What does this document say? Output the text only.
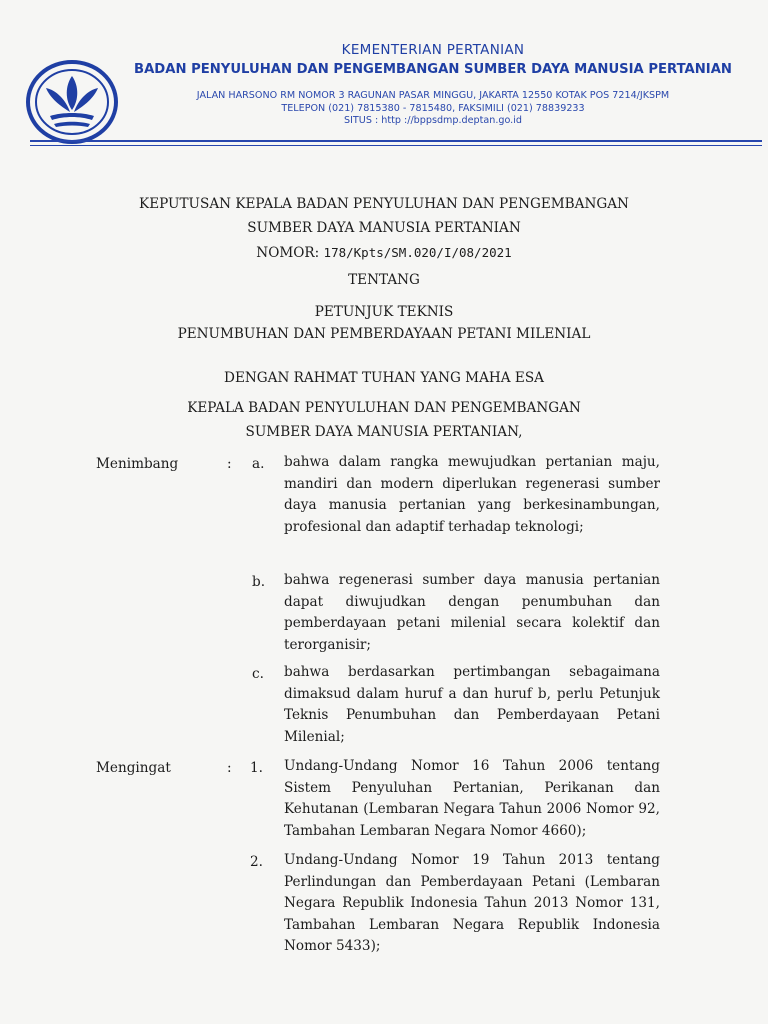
KEMENTERIAN PERTANIAN
BADAN PENYULUHAN DAN PENGEMBANGAN SUMBER DAYA MANUSIA PERTANIAN
JALAN HARSONO RM NOMOR 3 RAGUNAN PASAR MINGGU, JAKARTA 12550 KOTAK POS 7214/JKSPM
TELEPON (021) 7815380 - 7815480, FAKSIMILI (021) 78839233
SITUS : http ://bppsdmp.deptan.go.id
KEPUTUSAN KEPALA BADAN PENYULUHAN DAN PENGEMBANGAN
SUMBER DAYA MANUSIA PERTANIAN
NOMOR: 178/Kpts/SM.020/I/08/2021
TENTANG
PETUNJUK TEKNIS
PENUMBUHAN DAN PEMBERDAYAAN PETANI MILENIAL
DENGAN RAHMAT TUHAN YANG MAHA ESA
KEPALA BADAN PENYULUHAN DAN PENGEMBANGAN
SUMBER DAYA MANUSIA PERTANIAN,
Menimbang	: a. bahwa dalam rangka mewujudkan pertanian maju, mandiri dan modern diperlukan regenerasi sumber daya manusia pertanian yang berkesinambungan, profesional dan adaptif terhadap teknologi;
b. bahwa regenerasi sumber daya manusia pertanian dapat diwujudkan dengan penumbuhan dan pemberdayaan petani milenial secara kolektif dan terorganisir;
c. bahwa berdasarkan pertimbangan sebagaimana dimaksud dalam huruf a dan huruf b, perlu Petunjuk Teknis Penumbuhan dan Pemberdayaan Petani Milenial;
Mengingat	: 1. Undang-Undang Nomor 16 Tahun 2006 tentang Sistem Penyuluhan Pertanian, Perikanan dan Kehutanan (Lembaran Negara Tahun 2006 Nomor 92, Tambahan Lembaran Negara Nomor 4660);
2. Undang-Undang Nomor 19 Tahun 2013 tentang Perlindungan dan Pemberdayaan Petani (Lembaran Negara Republik Indonesia Tahun 2013 Nomor 131, Tambahan Lembaran Negara Republik Indonesia Nomor 5433);
